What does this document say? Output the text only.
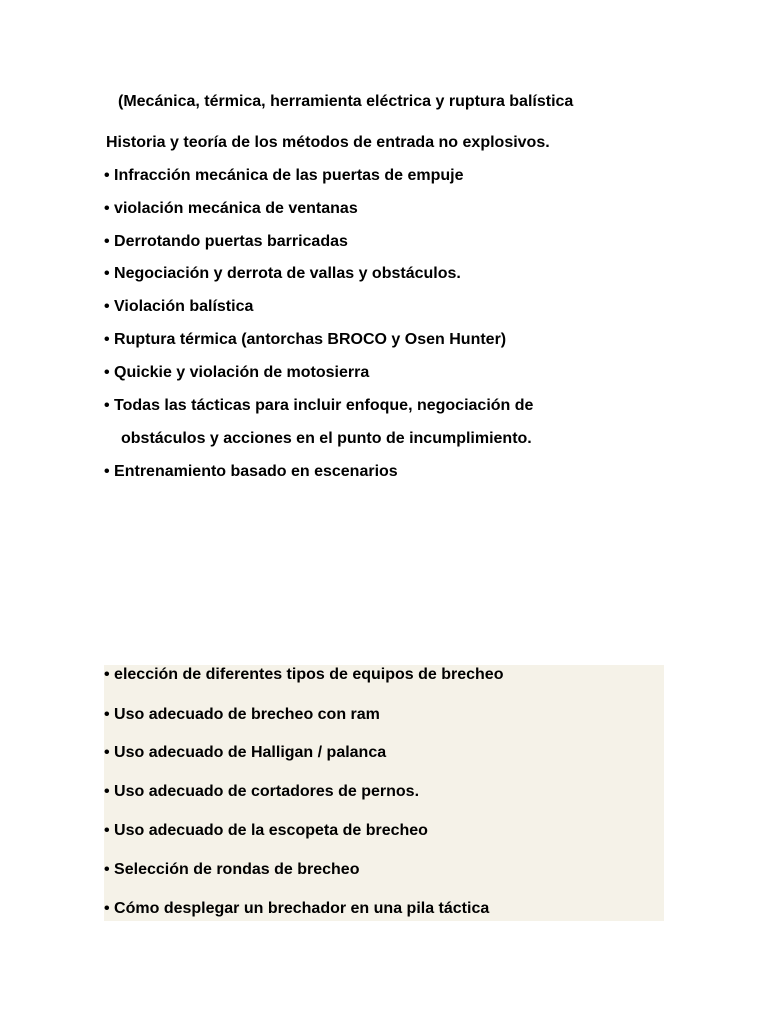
(Mecánica, térmica, herramienta eléctrica y ruptura balística
Historia y teoría de los métodos de entrada no explosivos.
• Infracción mecánica de las puertas de empuje
• violación mecánica de ventanas
• Derrotando puertas barricadas
• Negociación y derrota de vallas y obstáculos.
• Violación balística
• Ruptura térmica (antorchas BROCO y Osen Hunter)
• Quickie y violación de motosierra
• Todas las tácticas para incluir enfoque, negociación de
obstáculos y acciones en el punto de incumplimiento.
• Entrenamiento basado en escenarios
• elección de diferentes tipos de equipos de brecheo
• Uso adecuado de brecheo con ram
• Uso adecuado de Halligan / palanca
• Uso adecuado de cortadores de pernos.
• Uso adecuado de la escopeta de brecheo
• Selección de rondas de brecheo
• Cómo desplegar un brechador en una pila táctica
